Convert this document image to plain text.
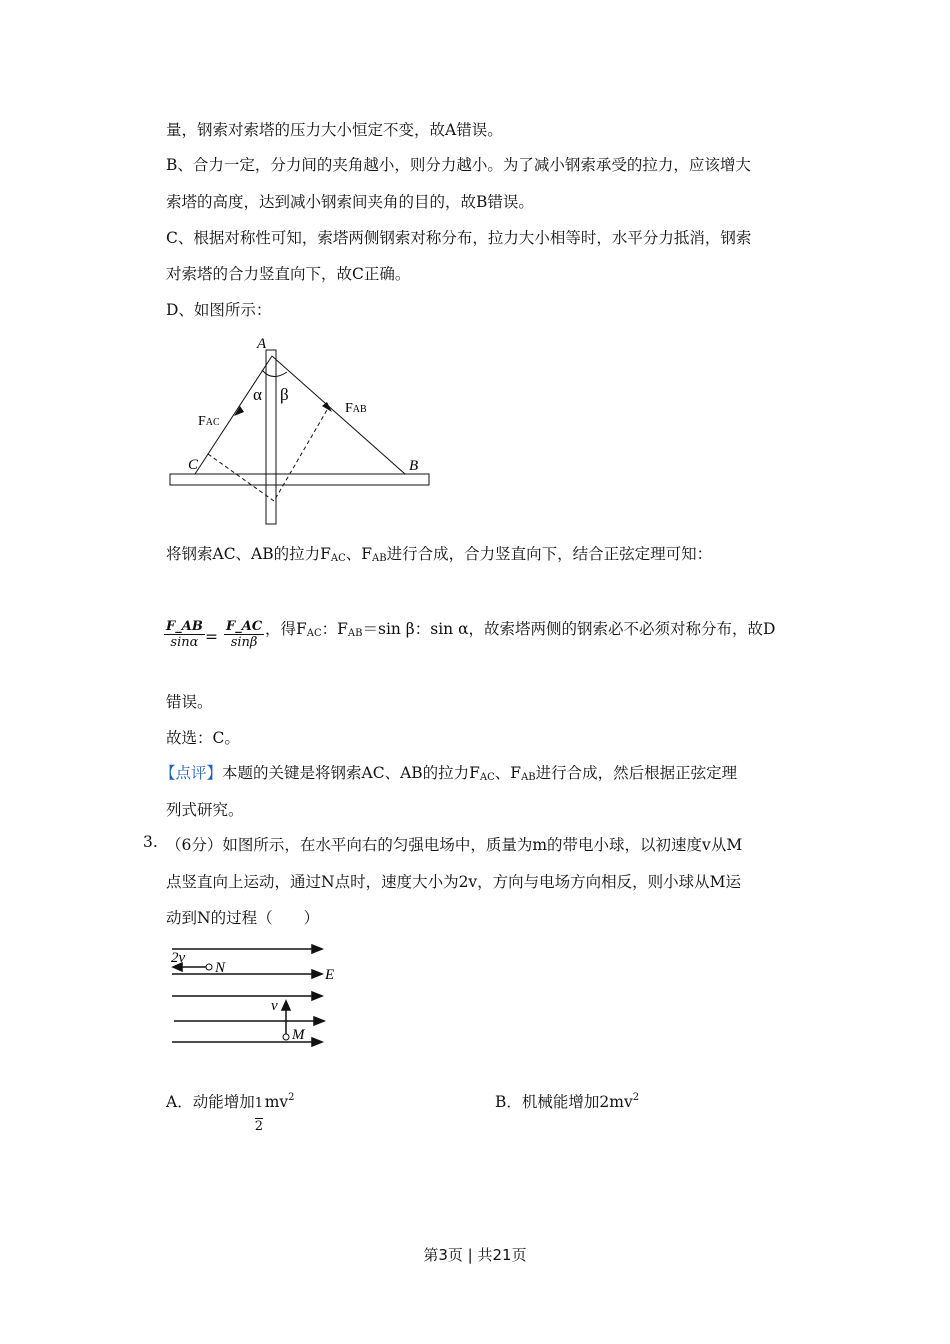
量，钢索对索塔的压力大小恒定不变，故A错误。
B、合力一定，分力间的夹角越小，则分力越小。为了减小钢索承受的拉力，应该增大
索塔的高度，达到减小钢索间夹角的目的，故B错误。
C、根据对称性可知，索塔两侧钢索对称分布，拉力大小相等时，水平分力抵消，钢索
对索塔的合力竖直向下，故C正确。
D、如图所示：
A
B
C
α β
FAC
FAB
将钢索AC、AB的拉力$F_{AC}$、$F_{AB}$进行合成，合力竖直向下，结合正弦定理可知：
$\frac{F\_AB}{\sin\alpha} = \frac{F\_AC}{\sin\beta}$ ，得$F_{AC}$：$F_{AB}=\sin$ β：sin α，故索塔两侧的钢索必不必须对称分布，故D
错误。
故选：C。
【点评】本题的关键是将钢索AC、AB的拉力$F_{AC}$、$F_{AB}$进行合成，然后根据正弦定理
列式研究。
3. （6分）如图所示，在水平向右的匀强电场中，质量为m的带电小球，以初速度v从M
点竖直向上运动，通过N点时，速度大小为2v，方向与电场方向相反，则小球从M运
动到N的过程（　　）
2v
N	E
v
M
A．动能增加$\frac{1}{2} mv^2$	B．机械能增加$2mv^2$
第3页 | 共21页
